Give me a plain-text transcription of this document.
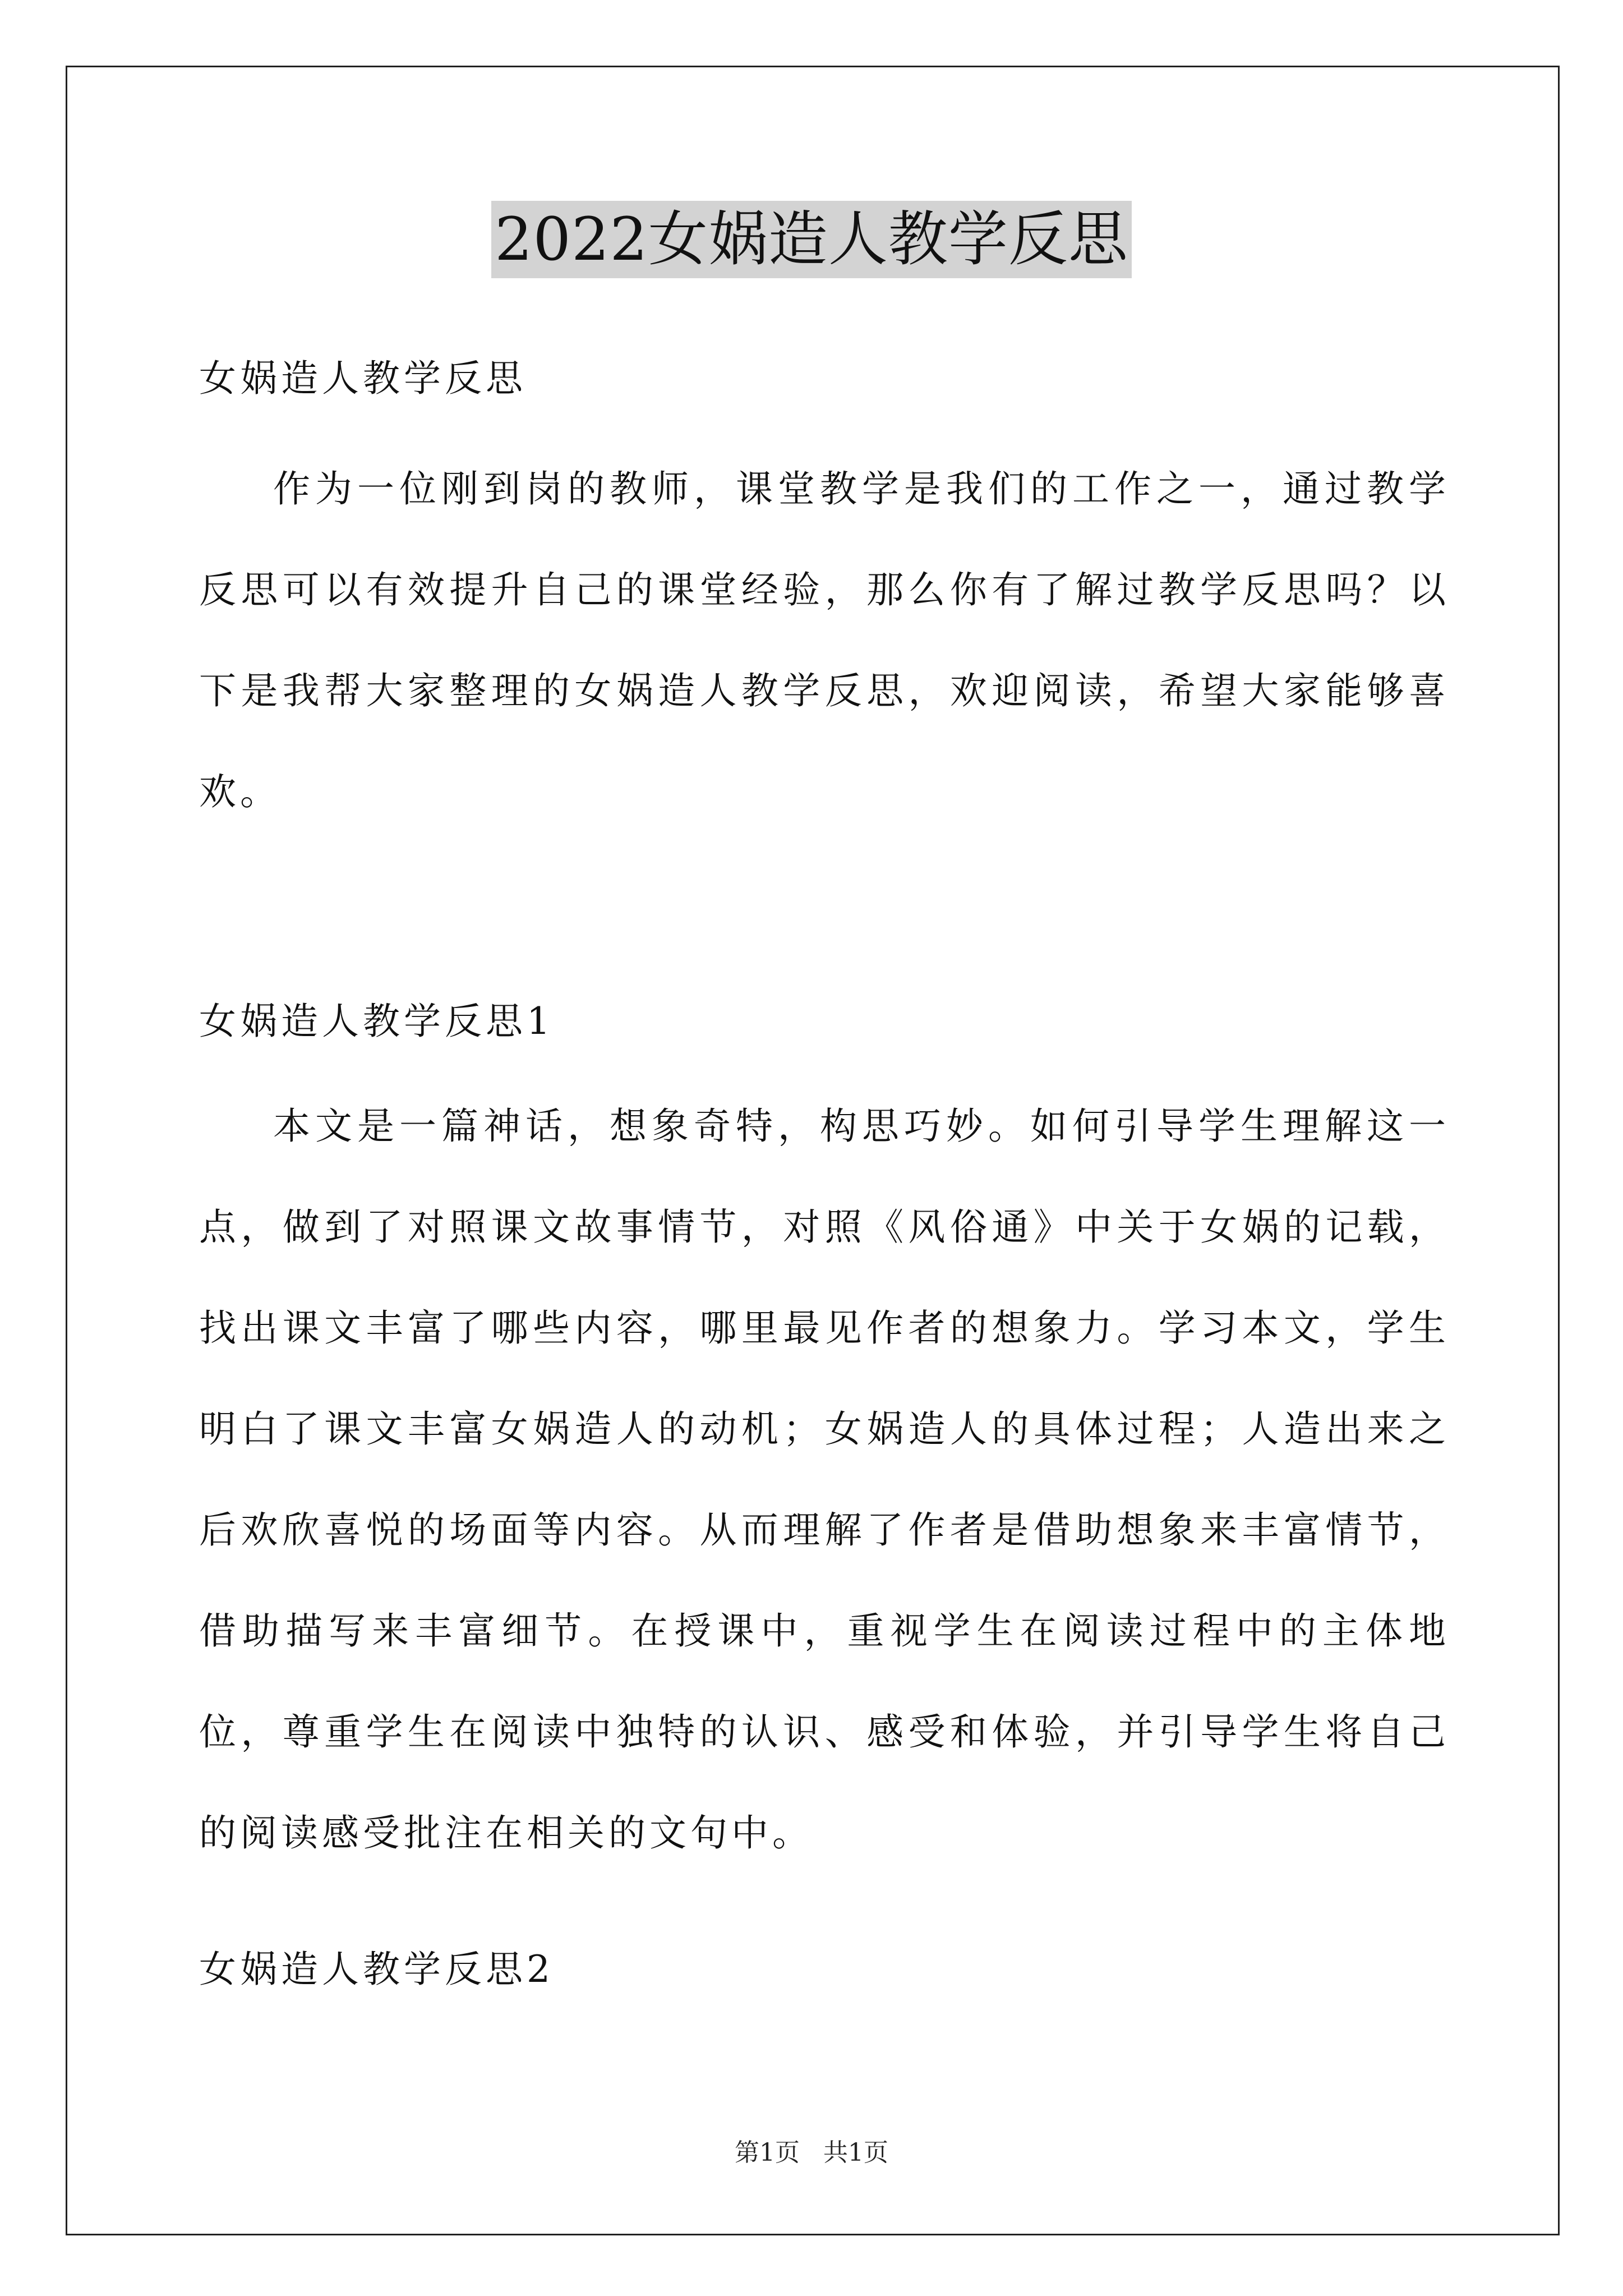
2022女娲造人教学反思
女娲造人教学反思
作为一位刚到岗的教师，课堂教学是我们的工作之一，通过教学反思可以有效提升自己的课堂经验，那么你有了解过教学反思吗？以下是我帮大家整理的女娲造人教学反思，欢迎阅读，希望大家能够喜欢。
女娲造人教学反思1
本文是一篇神话，想象奇特，构思巧妙。如何引导学生理解这一点，做到了对照课文故事情节，对照《风俗通》中关于女娲的记载，找出课文丰富了哪些内容，哪里最见作者的想象力。学习本文，学生明白了课文丰富女娲造人的动机；女娲造人的具体过程；人造出来之后欢欣喜悦的场面等内容。从而理解了作者是借助想象来丰富情节，借助描写来丰富细节。在授课中，重视学生在阅读过程中的主体地位，尊重学生在阅读中独特的认识、感受和体验，并引导学生将自己的阅读感受批注在相关的文句中。
女娲造人教学反思2
第1页   共1页
